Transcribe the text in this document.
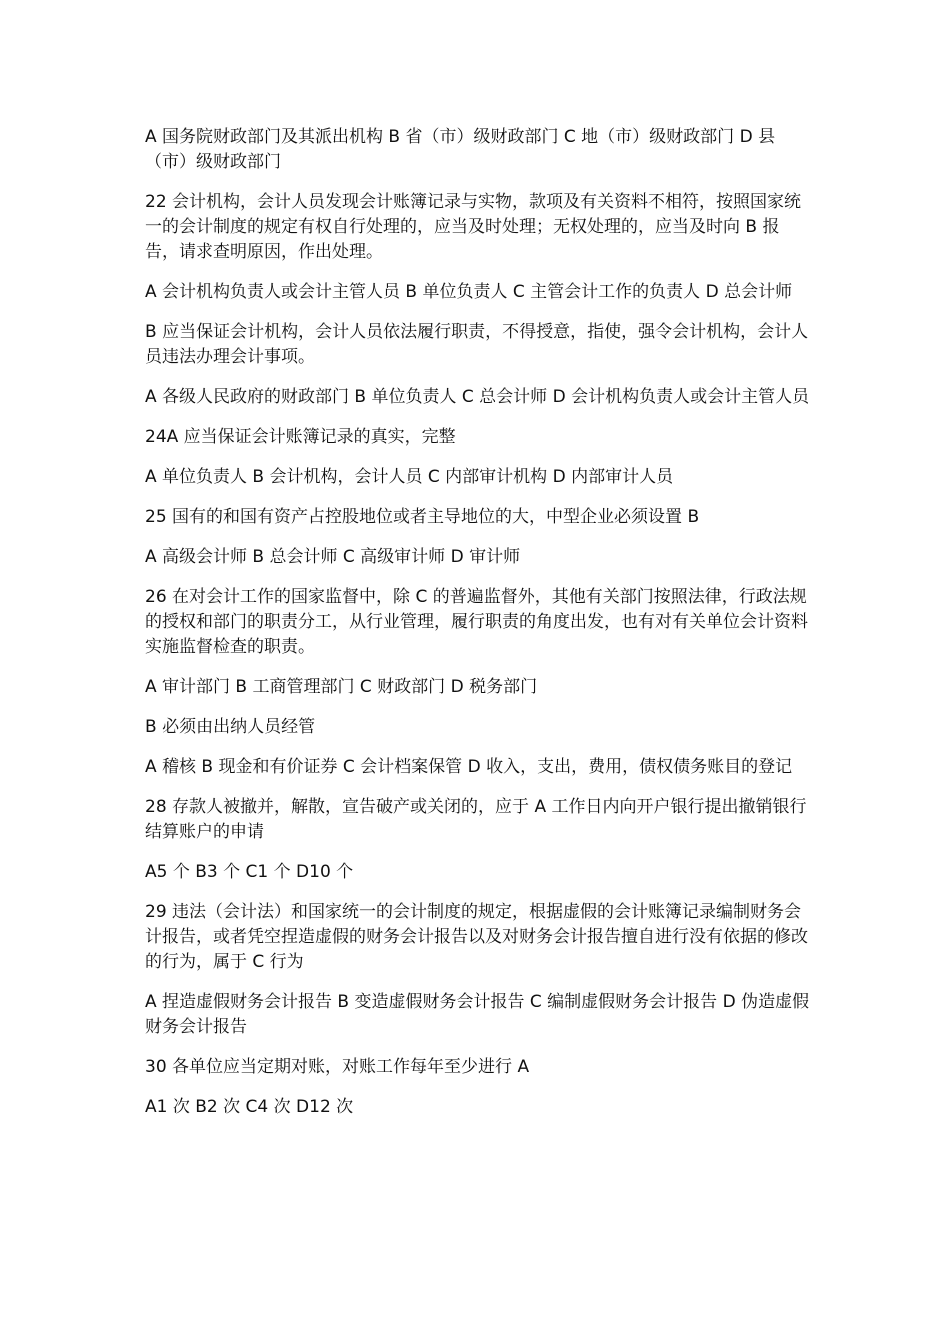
A 国务院财政部门及其派出机构 B 省（市）级财政部门 C 地（市）级财政部门 D 县（市）级财政部门

22 会计机构，会计人员发现会计账簿记录与实物，款项及有关资料不相符，按照国家统一的会计制度的规定有权自行处理的，应当及时处理；无权处理的，应当及时向 B 报告，请求查明原因，作出处理。

A 会计机构负责人或会计主管人员 B 单位负责人 C 主管会计工作的负责人 D 总会计师

B 应当保证会计机构，会计人员依法履行职责，不得授意，指使，强令会计机构，会计人员违法办理会计事项。

A 各级人民政府的财政部门 B 单位负责人 C 总会计师 D 会计机构负责人或会计主管人员

24A 应当保证会计账簿记录的真实，完整

A 单位负责人 B 会计机构，会计人员 C 内部审计机构 D 内部审计人员

25 国有的和国有资产占控股地位或者主导地位的大，中型企业必须设置 B

A 高级会计师 B 总会计师 C 高级审计师 D 审计师

26 在对会计工作的国家监督中，除 C 的普遍监督外，其他有关部门按照法律，行政法规的授权和部门的职责分工，从行业管理，履行职责的角度出发，也有对有关单位会计资料实施监督检查的职责。

A 审计部门 B 工商管理部门 C 财政部门 D 税务部门

B 必须由出纳人员经管

A 稽核 B 现金和有价证券 C 会计档案保管 D 收入，支出，费用，债权债务账目的登记

28 存款人被撤并，解散，宣告破产或关闭的，应于 A 工作日内向开户银行提出撤销银行结算账户的申请

A5 个 B3 个 C1 个 D10 个

29 违法（会计法）和国家统一的会计制度的规定，根据虚假的会计账簿记录编制财务会计报告，或者凭空捏造虚假的财务会计报告以及对财务会计报告擅自进行没有依据的修改的行为，属于 C 行为

A 捏造虚假财务会计报告 B 变造虚假财务会计报告 C 编制虚假财务会计报告 D 伪造虚假财务会计报告

30 各单位应当定期对账，对账工作每年至少进行 A

A1 次 B2 次 C4 次 D12 次
